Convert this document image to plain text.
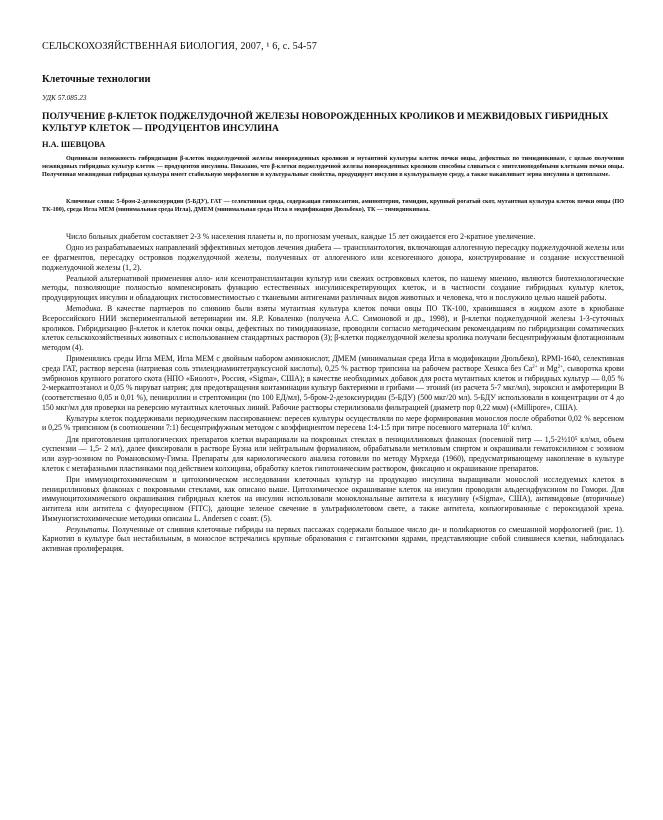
СЕЛЬСКОХОЗЯЙСТВЕННАЯ БИОЛОГИЯ, 2007, ¹ 6, с. 54-57
Клеточные технологии
УДК 57.085.23
ПОЛУЧЕНИЕ β-КЛЕТОК ПОДЖЕЛУДОЧНОЙ ЖЕЛЕЗЫ НОВОРОЖДЕННЫХ КРОЛИКОВ И МЕЖВИДОВЫХ ГИБРИДНЫХ КУЛЬТУР КЛЕТОК — ПРОДУЦЕНТОВ ИНСУЛИНА
Н.А. ШЕВЦОВА
Оценивали возможность гибридизации β-клеток поджелудочной железы новорожденных кроликов и мутантной культуры клеток почки овцы, дефектных по тимидинкиназе, с целью получения межвидовых гибридных культур клеток — продуцентов инсулина. Показано, что β-клетки поджелудочной железы новорожденных кроликов способны сливаться с эпителиоподобными клетками почки овцы. Полученная межвидовая гибридная культура имеет стабильную морфологию и культуральные свойства, продуцирует инсулин в культуральную среду, а также накапливает зерна инсулина в цитоплазме.
Ключевые слова: 5-бром-2-дезоксиуридин (5-БДУ), ГАТ — селективная среда, содержащая гипоксантин, аминоптерин, тимидин, крупный рогатый скот, мутантная культура клеток почки овцы (ПО ТК-100), среда Игла МЕМ (минимальная среда Игла), ДМЕМ (минимальная среда Игла в модификации Дюльбеко), ТК — тимидинкиназа.

Число больных диабетом составляет 2-3 % населения планеты и, по прогнозам ученых, каждые 15 лет ожидается его 2-кратное увеличение.

Одно из разрабатываемых направлений эффективных методов лечения диабета — трансплантология, включающая аллогенную пересадку поджелудочной железы или ее фрагментов, пересадку островков поджелудочной железы, полученных от аллогенного или ксеногенного донора, конструирование и создание искусственной поджелудочной железы (1, 2).

Реальной альтернативой применения алло- или ксенотрансплантации культур или свежих островковых клеток, по нашему мнению, являются биотехнологические методы, позволяющие полностью компенсировать функцию естественных инсулинсекретирующих клеток, и в частности создание гибридных культур клеток, продуцирующих инсулин и обладающих гистосовместимостью с тканевыми антигенами различных видов животных и человека, что и послужило целью нашей работы.

Методика. В качестве партнеров по слиянию были взяты мутантная культура клеток почки овцы ПО ТК-100, хранившаяся в жидком азоте в криобанке Всероссийского НИИ экспериментальной ветеринарии им. Я.Р. Коваленко (получена А.С. Симоновой и др., 1998), и β-клетки поджелудочной железы 1-3-суточных кроликов. Гибридизацию β-клеток и клеток почки овцы, дефектных по тимидинкиназе, проводили согласно методическим рекомендациям по гибридизации соматических клеток сельскохозяйственных животных с использованием стандартных растворов (3); β-клетки поджелудочной железы кролика получали бесцентрифужным флотационным методом (4).

Применялись среды Игла МЕМ, Игла МЕМ с двойным набором аминокислот, ДМЕМ (минимальная среда Игла в модификации Дюльбеко), RPMI-1640, селективная среда ГАТ, раствор версена (натриевая соль этилендиаминтетрауксусной кислоты), 0,25 % раствор трипсина на рабочем растворе Хенкса без $Ca^{2+}$ и $Mg^{2+}$, сыворотка крови эмбрионов крупного рогатого скота (НПО «Биолот», Россия, «Sigma», США); в качестве необходимых добавок для роста мутантных клеток и гибридных культур — 0,05 % 2-меркаптоэтанол и 0,05 % пируват натрия; для предотвращения контаминации культур бактериями и грибами — этоний (из расчета 5-7 мкг/мл), энроксил и амфотерицин В (соответственно 0,05 и 0,01 %), пенициллин и стрептомицин (по 100 ЕД/мл), 5-бром-2-дезоксиуридин (5-БДУ) (500 мкг/20 мл). 5-БДУ использовали в концентрации от 4 до 150 мкг/мл для проверки на реверсию мутантных клеточных линий. Рабочие растворы стерилизовали фильтрацией (диаметр пор 0,22 мкм) («Millipore», США).

Культуры клеток поддерживали периодическим пассированием: пересев культуры осуществляли по мере формирования монослоя после обработки 0,02 % версеном и 0,25 % трипсином (в соотношении 7:1) бесцентрифужным методом с коэффициентом пересева 1:4-1:5 при титре посевного материала $10^5$ кл/мл.

Для приготовления цитологических препаратов клетки выращивали на покровных стеклах в пенициллиновых флаконах (посевной титр — 1,5-2½10⁵ кл/мл, объем суспензии — 1,5- 2 мл), далее фиксировали в растворе Буэна или нейтральным формалином, обрабатывали метиловым спиртом и окрашивали гематоксилином с эозином или азур-эозином по Романовскому-Гимза. Препараты для кариологического анализа готовили по методу Мурхеда (1960), предусматривающему накопление в культуре клеток с метафазными пластинками под действием колхицина, обработку клеток гипотоническим раствором, фиксацию и окрашивание препаратов.

При иммуноцитохимическом и цитохимическом исследовании клеточных культур на продукцию инсулина выращивали монослой исследуемых клеток в пенициллиновых флаконах с покровными стеклами, как описано выше. Цитохимическое окрашивание клеток на инсулин проводили альдегидфуксином по Гомори. Для иммуноцитохимического окрашивания гибридных клеток на инсулин использовали моноклональные антитела к инсулину («Sigma», США), антивидовые (вторичные) антитела или антитела с флуоресцином (FITC), дающие зеленое свечение в ультрафиолетовом свете, а также антитела, конъюгированные с пероксидазой хрена. Иммуногистохимические методики описаны L. Andersen с соавт. (5).

Результаты. Полученные от слияния клеточные гибриды на первых пассажах содержали большое число ди- и полиkариотов со смешанной морфологией (рис. 1). Кариотип в культуре был нестабильным, в монослое встречались крупные образования с гигантскими ядрами, представляющие собой слившиеся клетки, наблюдалась активная пролиферация.
